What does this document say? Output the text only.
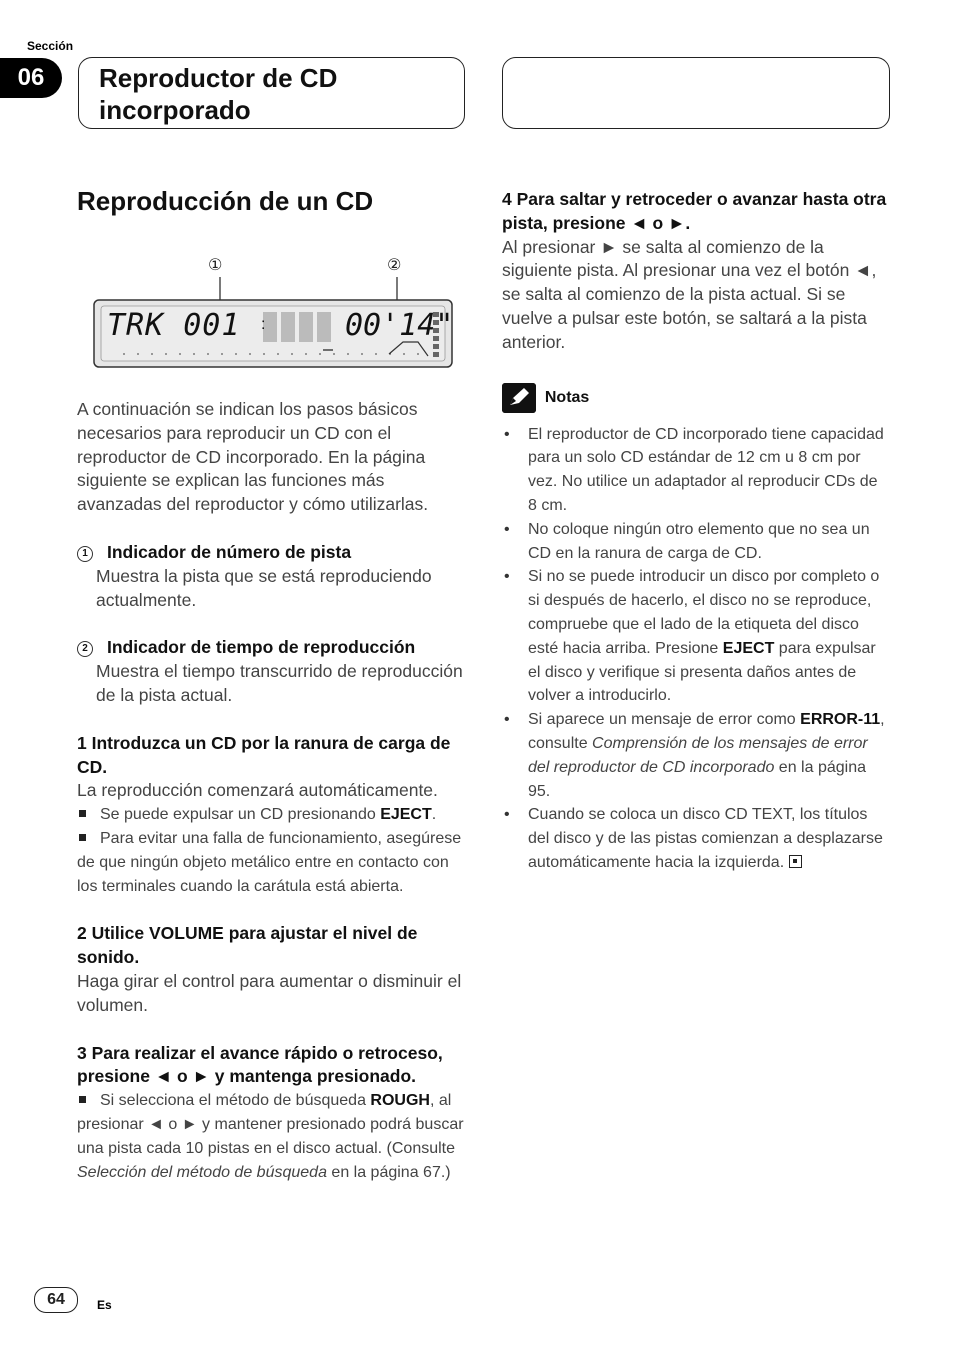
Sección
06	Reproductor de CD incorporado
Reproducción de un CD
①	②
TRK 001 :	00'14"

A continuación se indican los pasos básicos necesarios para reproducir un CD con el reproductor de CD incorporado. En la página siguiente se explican las funciones más avanzadas del reproductor y cómo utilizarlas.

1 Indicador de número de pista

Muestra la pista que se está reproduciendo actualmente.

2 Indicador de tiempo de reproducción

Muestra el tiempo transcurrido de reproducción de la pista actual.

1 Introduzca un CD por la ranura de carga de CD.

La reproducción comenzará automáticamente.

Se puede expulsar un CD presionando EJECT.

Para evitar una falla de funcionamiento, asegúrese de que ningún objeto metálico entre en contacto con los terminales cuando la carátula está abierta.

2 Utilice VOLUME para ajustar el nivel de sonido.

Haga girar el control para aumentar o disminuir el volumen.

3 Para realizar el avance rápido o retroceso, presione ◄ o ► y mantenga presionado.

Si selecciona el método de búsqueda ROUGH, al presionar ◄ o ► y mantener presionado podrá buscar una pista cada 10 pistas en el disco actual. (Consulte Selección del método de búsqueda en la página 67.)

4 Para saltar y retroceder o avanzar hasta otra pista, presione ◄ o ►.

Al presionar ► se salta al comienzo de la siguiente pista. Al presionar una vez el botón ◄, se salta al comienzo de la pista actual. Si se vuelve a pulsar este botón, se saltará a la pista anterior.

Notas

• El reproductor de CD incorporado tiene capacidad para un solo CD estándar de 12 cm u 8 cm por vez. No utilice un adaptador al reproducir CDs de 8 cm.

• No coloque ningún otro elemento que no sea un CD en la ranura de carga de CD.

• Si no se puede introducir un disco por completo o si después de hacerlo, el disco no se reproduce, compruebe que el lado de la etiqueta del disco esté hacia arriba. Presione EJECT para expulsar el disco y verifique si presenta daños antes de volver a introducirlo.

• Si aparece un mensaje de error como ERROR-11, consulte Comprensión de los mensajes de error del reproductor de CD incorporado en la página 95.

• Cuando se coloca un disco CD TEXT, los títulos del disco y de las pistas comienzan a desplazarse automáticamente hacia la izquierda.

64	Es
